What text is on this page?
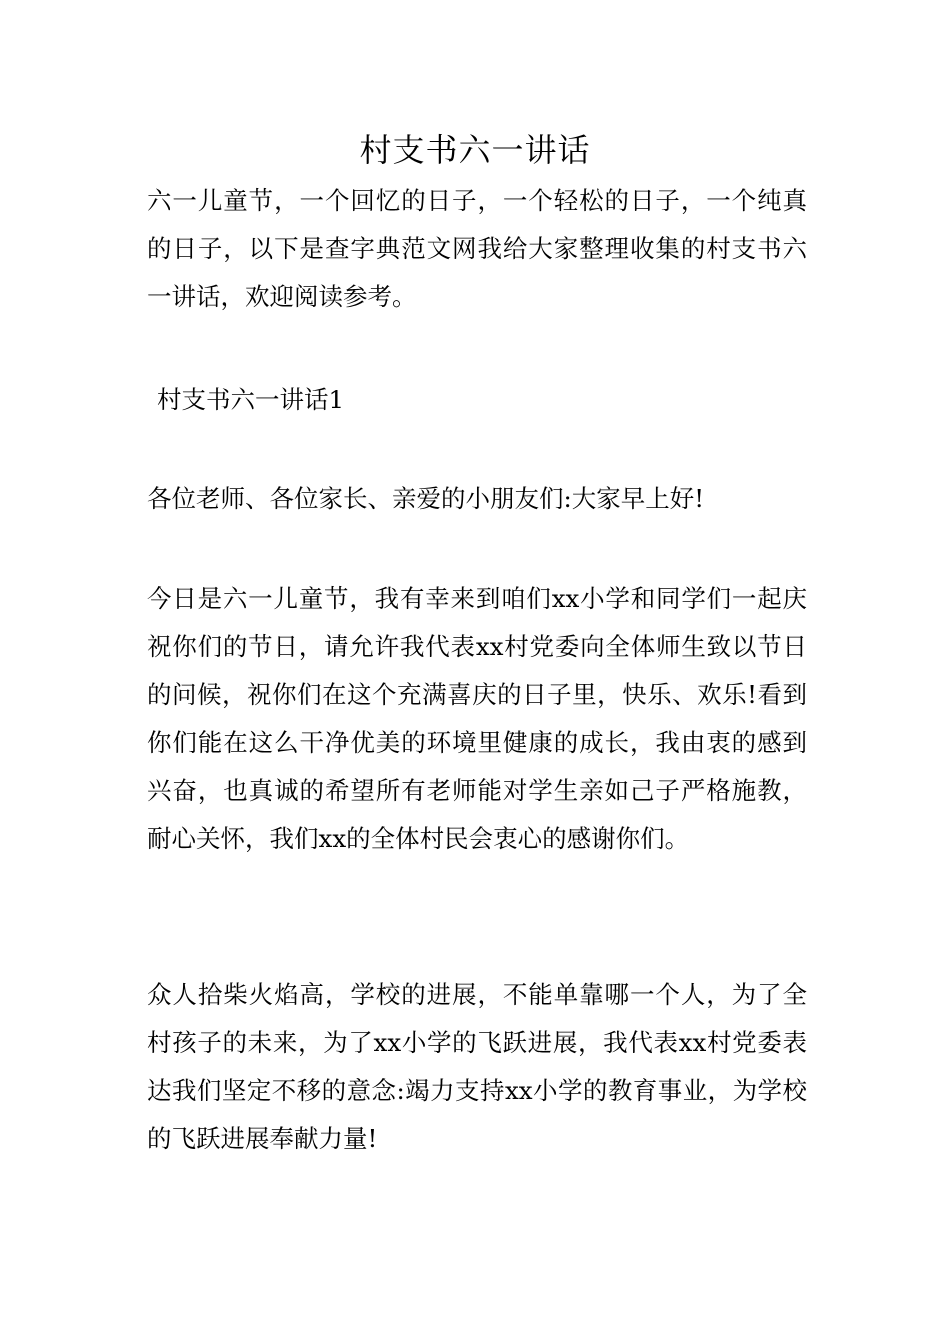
村支书六一讲话
六一儿童节，一个回忆的日子，一个轻松的日子，一个纯真的日子，以下是查字典范文网我给大家整理收集的村支书六一讲话，欢迎阅读参考。
村支书六一讲话1
各位老师、各位家长、亲爱的小朋友们:大家早上好!
今日是六一儿童节，我有幸来到咱们xx小学和同学们一起庆祝你们的节日，请允许我代表xx村党委向全体师生致以节日的问候，祝你们在这个充满喜庆的日子里，快乐、欢乐!看到你们能在这么干净优美的环境里健康的成长，我由衷的感到兴奋，也真诚的希望所有老师能对学生亲如己子严格施教，耐心关怀，我们xx的全体村民会衷心的感谢你们。
众人拾柴火焰高，学校的进展，不能单靠哪一个人，为了全村孩子的未来，为了xx小学的飞跃进展，我代表xx村党委表达我们坚定不移的意念:竭力支持xx小学的教育事业，为学校的飞跃进展奉献力量!
